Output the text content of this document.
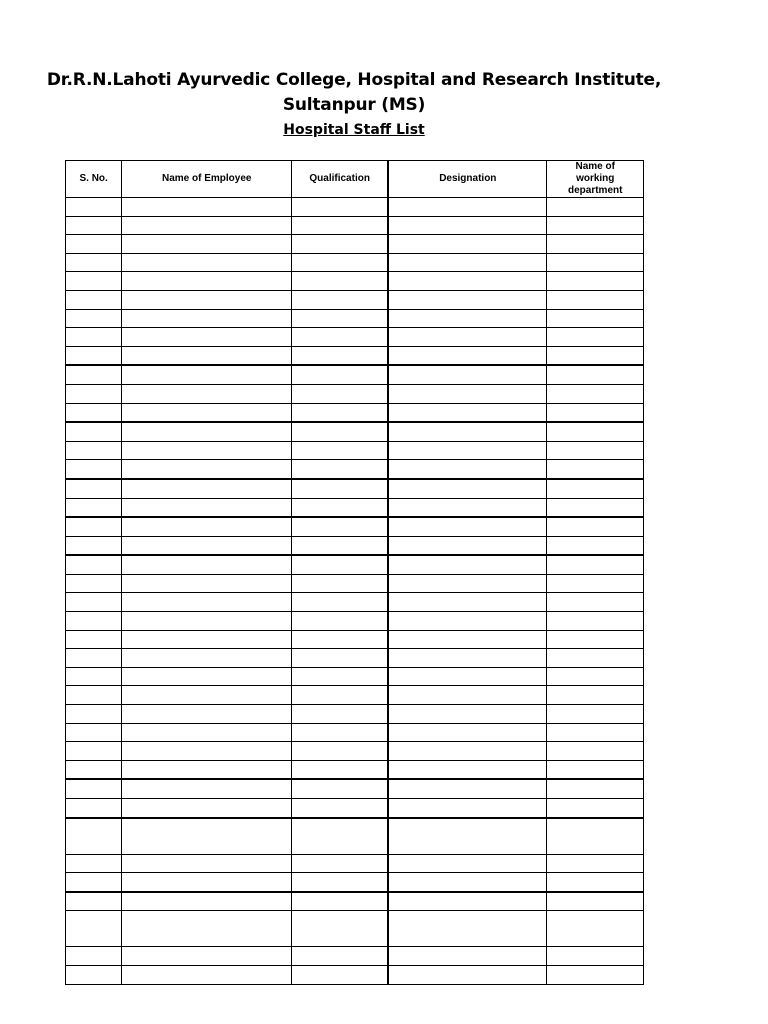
Dr.R.N.Lahoti Ayurvedic College, Hospital and Research Institute,
Sultanpur (MS)
Hospital Staff List
S. No.	Name of Employee	Qualification	Designation	Name of
working
department
